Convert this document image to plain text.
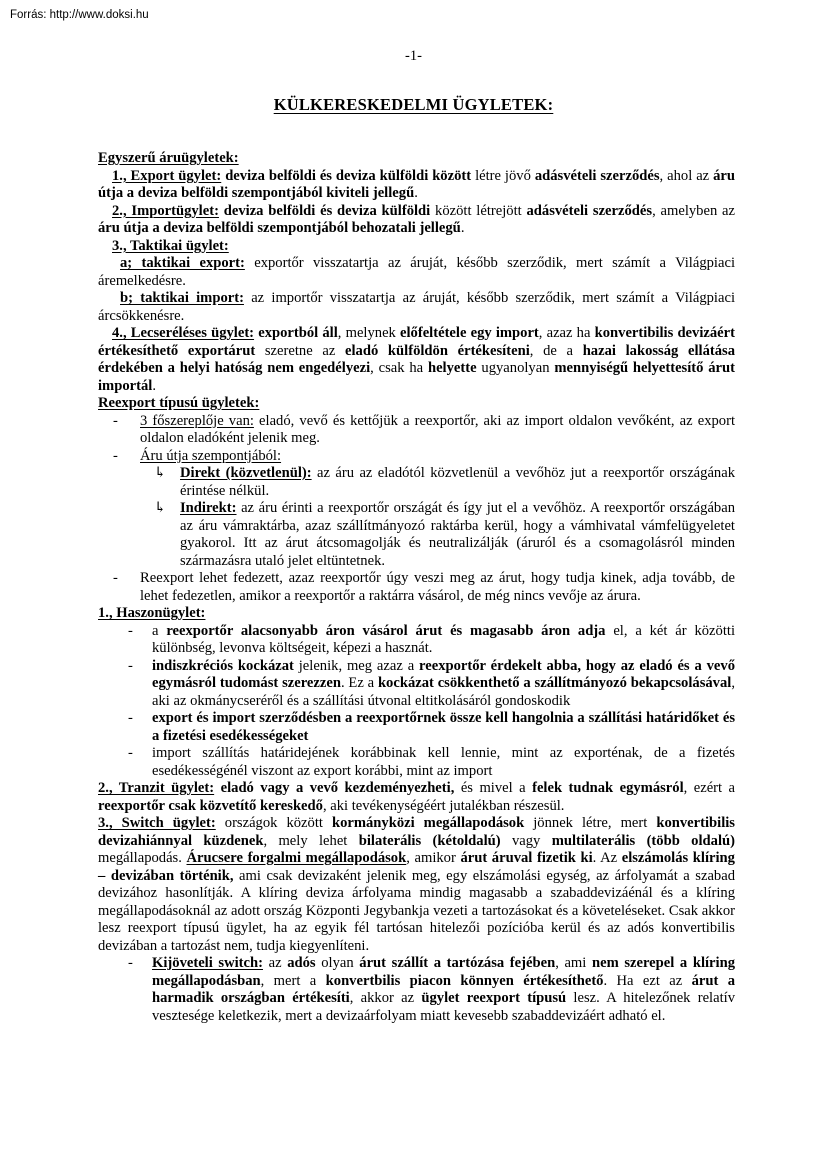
Forrás: http://www.doksi.hu
-1-
KÜLKERESKEDELMI ÜGYLETEK:

Egyszerű áruügyletek:

1., Export ügylet: deviza belföldi és deviza külföldi között létre jövő adásvételi szerződés, ahol az áru útja a deviza belföldi szempontjából kiviteli jellegű.

2., Importügylet: deviza belföldi és deviza külföldi között létrejött adásvételi szerződés, amelyben az áru útja a deviza belföldi szempontjából behozatali jellegű.

3., Taktikai ügylet:

a; taktikai export: exportőr visszatartja az áruját, később szerződik, mert számít a Világpiaci áremelkedésre.

b; taktikai import: az importőr visszatartja az áruját, később szerződik, mert számít a Világpiaci árcsökkenésre.

4., Lecseréléses ügylet: exportból áll, melynek előfeltétele egy import, azaz ha konvertibilis devizáért értékesíthető exportárut szeretne az eladó külföldön értékesíteni, de a hazai lakosság ellátása érdekében a helyi hatóság nem engedélyezi, csak ha helyette ugyanolyan mennyiségű helyettesítő árut importál.

Reexport típusú ügyletek:

-	3 főszereplője van: eladó, vevő és kettőjük a reexportőr, aki az import oldalon vevőként, az export oldalon eladóként jelenik meg.
-	Áru útja szempontjából:
↳ Direkt (közvetlenül): az áru az eladótól közvetlenül a vevőhöz jut a reexportőr országának érintése nélkül.
↳ Indirekt: az áru érinti a reexportőr országát és így jut el a vevőhöz. A reexportőr országában az áru vámraktárba, azaz szállítmányozó raktárba kerül, hogy a vámhivatal vámfelügyeletet gyakorol. Itt az árut átcsomagolják és neutralizálják (áruról és a csomagolásról minden származásra utaló jelet eltüntetnek.
-	Reexport lehet fedezett, azaz reexportőr úgy veszi meg az árut, hogy tudja kinek, adja tovább, de lehet fedezetlen, amikor a reexportőr a raktárra vásárol, de még nincs vevője az árura.

1., Haszonügylet:

-	a reexportőr alacsonyabb áron vásárol árut és magasabb áron adja el, a két ár közötti különbség, levonva költségeit, képezi a hasznát.
-	indiszkréciós kockázat jelenik, meg azaz a reexportőr érdekelt abba, hogy az eladó és a vevő egymásról tudomást szerezzen. Ez a kockázat csökkenthető a szállítmányozó bekapcsolásával, aki az okmánycseréről és a szállítási útvonal eltitkolásáról gondoskodik
-	export és import szerződésben a reexportőrnek össze kell hangolnia a szállítási határidőket és a fizetési esedékességeket
-	import szállítás határidejének korábbinak kell lennie, mint az exporténak, de a fizetés esedékességénél viszont az export korábbi, mint az import

2., Tranzit ügylet: eladó vagy a vevő kezdeményezheti, és mivel a felek tudnak egymásról, ezért a reexportőr csak közvetítő kereskedő, aki tevékenységéért jutalékban részesül.

3., Switch ügylet: országok között kormányközi megállapodások jönnek létre, mert konvertibilis devizahiánnyal küzdenek, mely lehet bilaterális (kétoldalú) vagy multilaterális (több oldalú) megállapodás. Árucsere forgalmi megállapodások, amikor árut áruval fizetik ki. Az elszámolás klíring – devizában történik, ami csak devizaként jelenik meg, egy elszámolási egység, az árfolyamát a szabad devizához hasonlítják. A klíring deviza árfolyama mindig magasabb a szabaddevizáénál és a klíring megállapodásoknál az adott ország Központi Jegybankja vezeti a tartozásokat és a követeléseket. Csak akkor lesz reexport típusú ügylet, ha az egyik fél tartósan hitelezői pozícióba kerül és az adós konvertibilis devizában a tartozást nem, tudja kiegyenlíteni.

-	Kijöveteli switch: az adós olyan árut szállít a tartózása fejében, ami nem szerepel a klíring megállapodásban, mert a konvertbilis piacon könnyen értékesíthető. Ha ezt az árut a harmadik országban értékesíti, akkor az ügylet reexport típusú lesz. A hitelezőnek relatív vesztesége keletkezik, mert a devizaárfolyam miatt kevesebb szabaddevizáért adható el.
